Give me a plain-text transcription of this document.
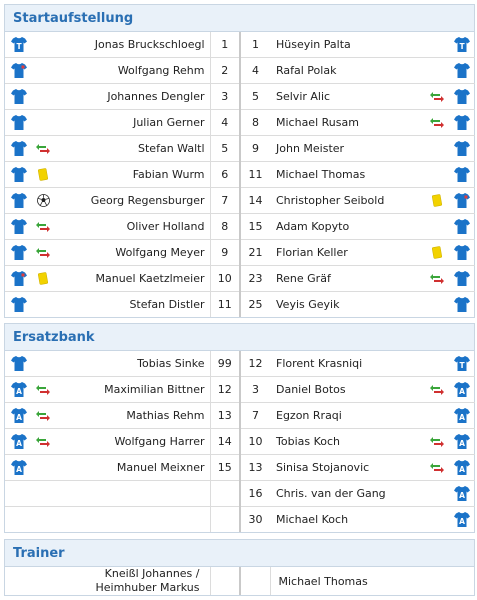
Startaufstellung
T		Jonas Bruckschloegl	1	1	Hüseyin Palta		T

		Wolfgang Rehm	2	4	Rafal Polak		

		Johannes Dengler	3	5	Selvir Alic	

		Julian Gerner	4	8	Michael Rusam	

	Stefan Waltl	5	9	John Meister		

	Fabian Wurm	6	11	Michael Thomas		

	Georg Regensburger	7	14	Christopher Seibold	

	Oliver Holland	8	15	Adam Kopyto		

	Wolfgang Meyer	9	21	Florian Keller	

	Manuel Kaetzlmeier	10	23	Rene Gräf	

		Stefan Distler	11	25	Veyis Geyik		
Ersatzbank
		Tobias Sinke	99	12	Florent Krasniqi		T

A		Maximilian Bittner	12	3	Daniel Botos		A

A		Mathias Rehm	13	7	Egzon Rraqi		A

A		Wolfgang Harrer	14	10	Tobias Koch		A

A		Manuel Meixner	15	13	Sinisa Stojanovic		A

				16	Chris. van der Gang		A

				30	Michael Koch		A
Trainer
Kneißl Johannes /
Heimhuber Markus			Michael Thomas
